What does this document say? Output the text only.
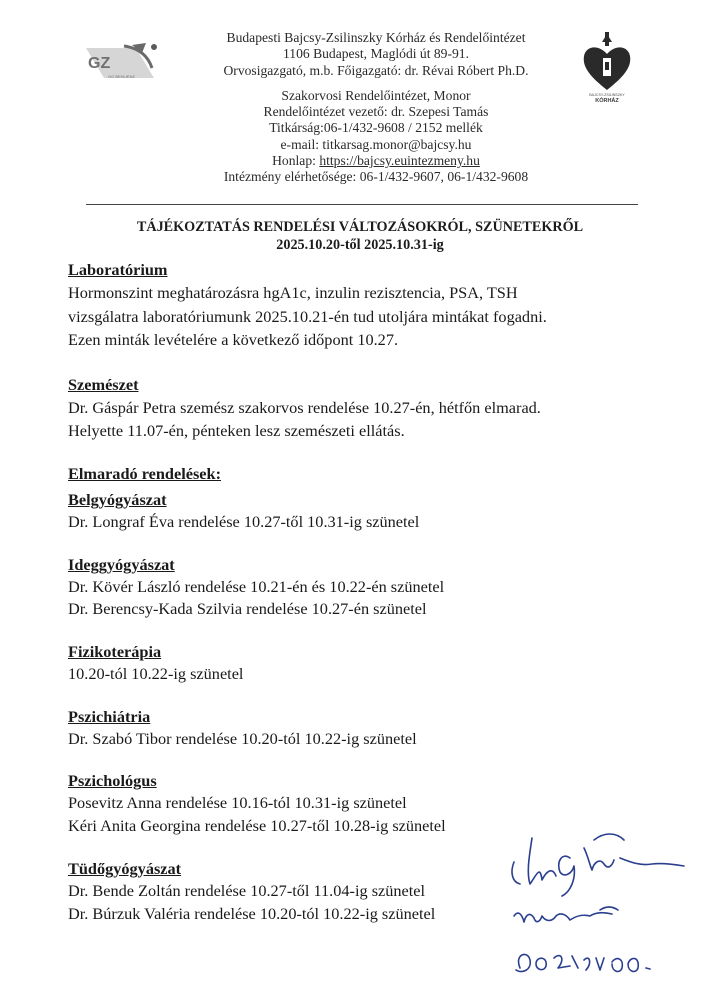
GZ
GO BEHLIENZ
Budapesti Bajcsy-Zsilinszky Kórház és Rendelőintézet
1106 Budapest, Maglódi út 89-91.
Orvosigazgató, m.b. Főigazgató: dr. Révai Róbert Ph.D.
Szakorvosi Rendelőintézet, Monor
Rendelőintézet vezető: dr. Szepesi Tamás
Titkárság:06-1/432-9608 / 2152 mellék
e-mail: titkarsag.monor@bajcsy.hu
Honlap: https://bajcsy.euintezmeny.hu
Intézmény elérhetősége: 06-1/432-9607, 06-1/432-9608
BAJCSY-ZSILINSZKY
KÓRHÁZ
TÁJÉKOZTATÁS RENDELÉSI VÁLTOZÁSOKRÓL, SZÜNETEKRŐL
2025.10.20-től 2025.10.31-ig
Laboratórium
Hormonszint meghatározásra hgA1c, inzulin rezisztencia, PSA, TSH
vizsgálatra laboratóriumunk 2025.10.21-én tud utoljára mintákat fogadni.
Ezen minták levételére a következő időpont 10.27.
Szemészet
Dr. Gáspár Petra szemész szakorvos rendelése 10.27-én, hétfőn elmarad.
Helyette 11.07-én, pénteken lesz szemészeti ellátás.
Elmaradó rendelések:
Belgyógyászat
Dr. Longraf Éva rendelése 10.27-től 10.31-ig szünetel
Ideggyógyászat
Dr. Kövér László rendelése 10.21-én és 10.22-én szünetel
Dr. Berencsy-Kada Szilvia rendelése 10.27-én szünetel
Fizikoterápia
10.20-tól 10.22-ig szünetel
Pszichiátria
Dr. Szabó Tibor rendelése 10.20-tól 10.22-ig szünetel
Pszichológus
Posevitz Anna rendelése 10.16-tól 10.31-ig szünetel
Kéri Anita Georgina rendelése 10.27-től 10.28-ig szünetel
Tüdőgyógyászat
Dr. Bende Zoltán rendelése 10.27-től 11.04-ig szünetel
Dr. Búrzuk Valéria rendelése 10.20-tól 10.22-ig szünetel
